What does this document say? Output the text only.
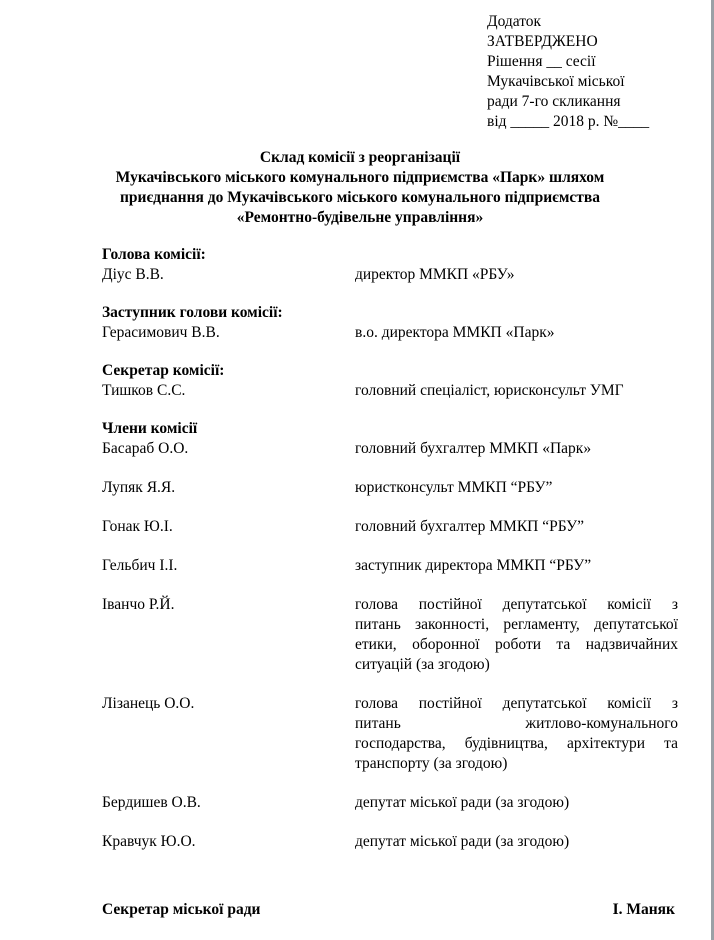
Додаток
ЗАТВЕРДЖЕНО
Рішення __ сесії
Мукачівської міської
ради 7-го скликання
від _____ 2018 р. №____
Склад комісії з реорганізації
Мукачівського міського комунального підприємства «Парк» шляхом
приєднання до Мукачівського міського комунального підприємства
«Ремонтно-будівельне управління»
Голова комісії:
Діус В.В.	директор ММКП «РБУ»
Заступник голови комісії:
Герасимович В.В.	в.о. директора ММКП «Парк»
Секретар комісії:
Тишков С.С.	головний спеціаліст, юрисконсульт УМГ
Члени комісії
Басараб О.О.	головний бухгалтер ММКП «Парк»
Лупяк Я.Я.	юристконсульт ММКП “РБУ”
Гонак Ю.І.	головний бухгалтер ММКП “РБУ”
Гельбич І.І.	заступник директора ММКП “РБУ”
Іванчо Р.Й.	голова постійної депутатської комісії з
питань законності, регламенту, депутатської
етики, оборонної роботи та надзвичайних
ситуацій (за згодою)
Лізанець О.О.	голова постійної депутатської комісії з
питань житлово-комунального
господарства, будівництва, архітектури та
транспорту (за згодою)
Бердишев О.В.	депутат міської ради (за згодою)
Кравчук Ю.О.	депутат міської ради (за згодою)
Секретар міської ради	І. Маняк
